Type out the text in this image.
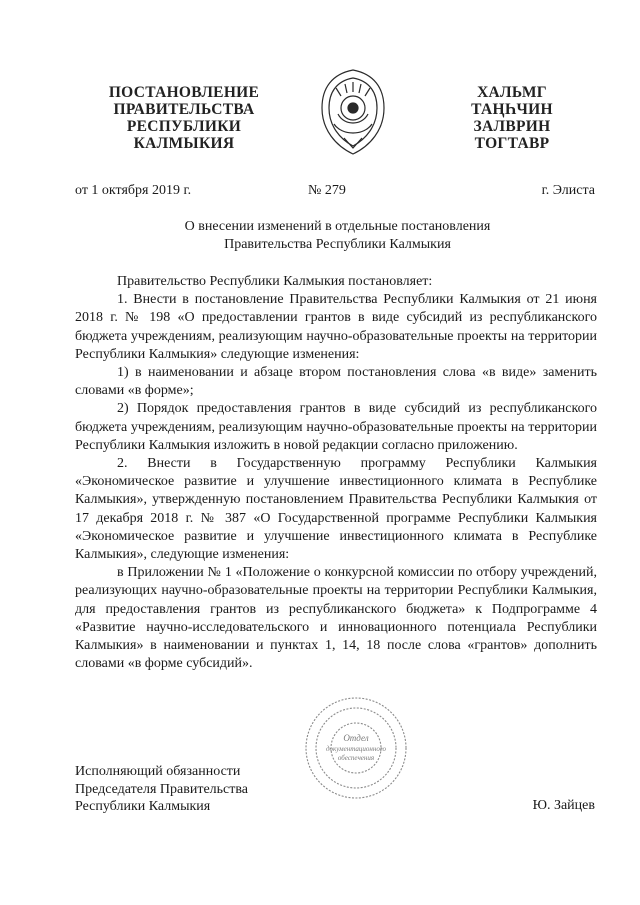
ПОСТАНОВЛЕНИЕ
ПРАВИТЕЛЬСТВА
РЕСПУБЛИКИ
КАЛМЫКИЯ
ХАЛЬМГ
ТАҢҺЧИН
ЗАЛВРИН
ТОГТАВР
от 1 октября 2019 г.	№ 279	г. Элиста
О внесении изменений в отдельные постановления
Правительства Республики Калмыкия

Правительство Республики Калмыкия постановляет:

1. Внести в постановление Правительства Республики Калмыкия от 21 июня 2018 г. № 198 «О предоставлении грантов в виде субсидий из республиканского бюджета учреждениям, реализующим научно-образовательные проекты на территории Республики Калмыкия» следующие изменения:

1) в наименовании и абзаце втором постановления слова «в виде» заменить словами «в форме»;

2) Порядок предоставления грантов в виде субсидий из республиканского бюджета учреждениям, реализующим научно-образовательные проекты на территории Республики Калмыкия изложить в новой редакции согласно приложению.

2. Внести в Государственную программу Республики Калмыкия «Экономическое развитие и улучшение инвестиционного климата в Республике Калмыкия», утвержденную постановлением Правительства Республики Калмыкия от 17 декабря 2018 г. № 387 «О Государственной программе Республики Калмыкия «Экономическое развитие и улучшение инвестиционного климата в Республике Калмыкия», следующие изменения:

в Приложении № 1 «Положение о конкурсной комиссии по отбору учреждений, реализующих научно-образовательные проекты на территории Республики Калмыкия, для предоставления грантов из республиканского бюджета» к Подпрограмме 4 «Развитие научно-исследовательского и инновационного потенциала Республики Калмыкия» в наименовании и пунктах 1, 14, 18 после слова «грантов» дополнить словами «в форме субсидий».

Отдел
документационного
обеспечения
Исполняющий обязанности
Председателя Правительства
Республики Калмыкия	Ю. Зайцев
